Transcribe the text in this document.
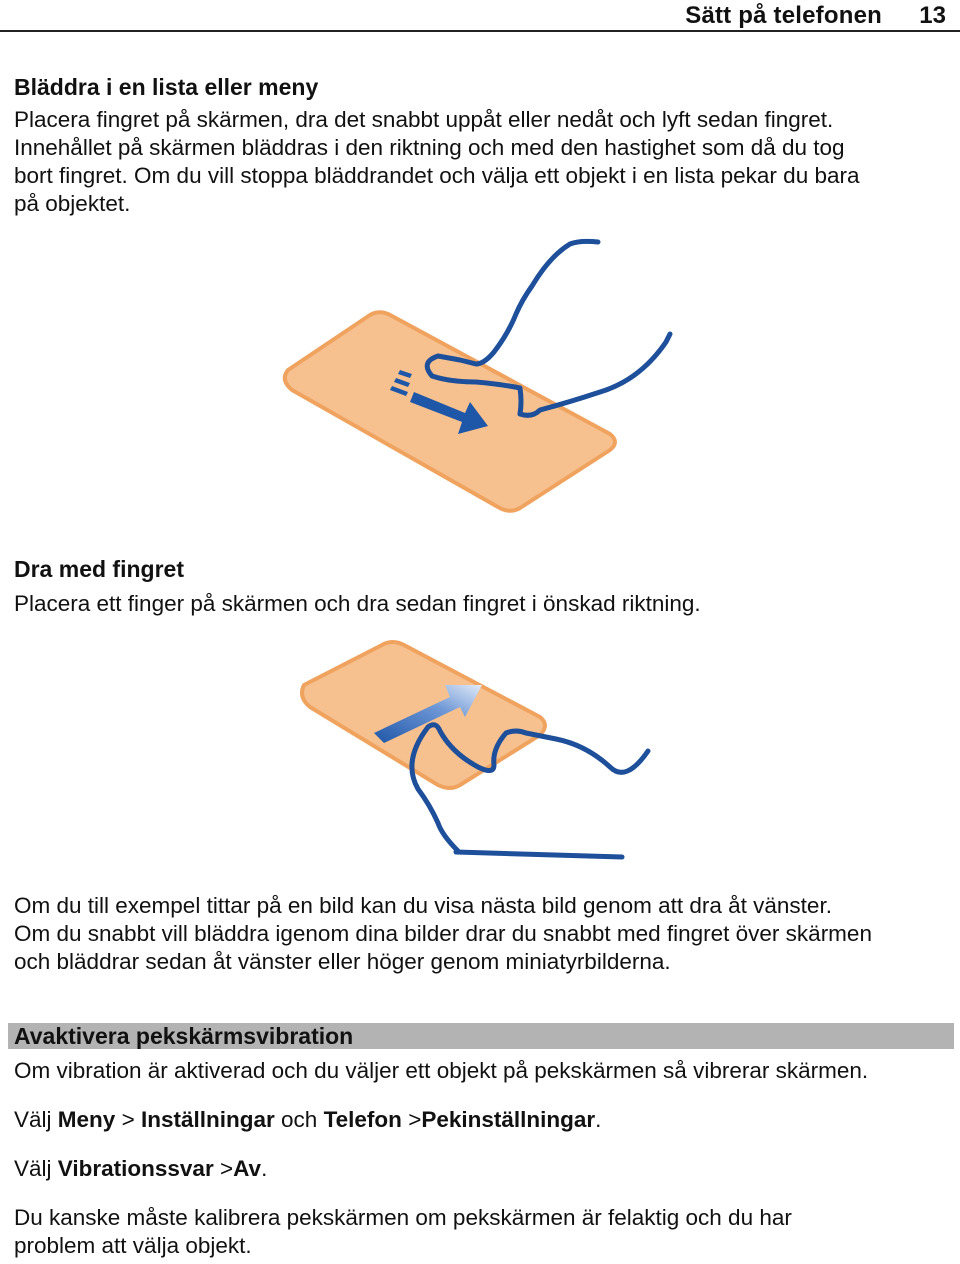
Sätt på telefonen 13
Bläddra i en lista eller meny
Placera fingret på skärmen, dra det snabbt uppåt eller nedåt och lyft sedan fingret.
Innehållet på skärmen bläddras i den riktning och med den hastighet som då du tog
bort fingret. Om du vill stoppa bläddrandet och välja ett objekt i en lista pekar du bara
på objektet.
Dra med fingret
Placera ett finger på skärmen och dra sedan fingret i önskad riktning.
Om du till exempel tittar på en bild kan du visa nästa bild genom att dra åt vänster.
Om du snabbt vill bläddra igenom dina bilder drar du snabbt med fingret över skärmen
och bläddrar sedan åt vänster eller höger genom miniatyrbilderna.
Avaktivera pekskärmsvibration
Om vibration är aktiverad och du väljer ett objekt på pekskärmen så vibrerar skärmen.
Välj Meny > Inställningar och Telefon >Pekinställningar.
Välj Vibrationssvar >Av.
Du kanske måste kalibrera pekskärmen om pekskärmen är felaktig och du har
problem att välja objekt.
